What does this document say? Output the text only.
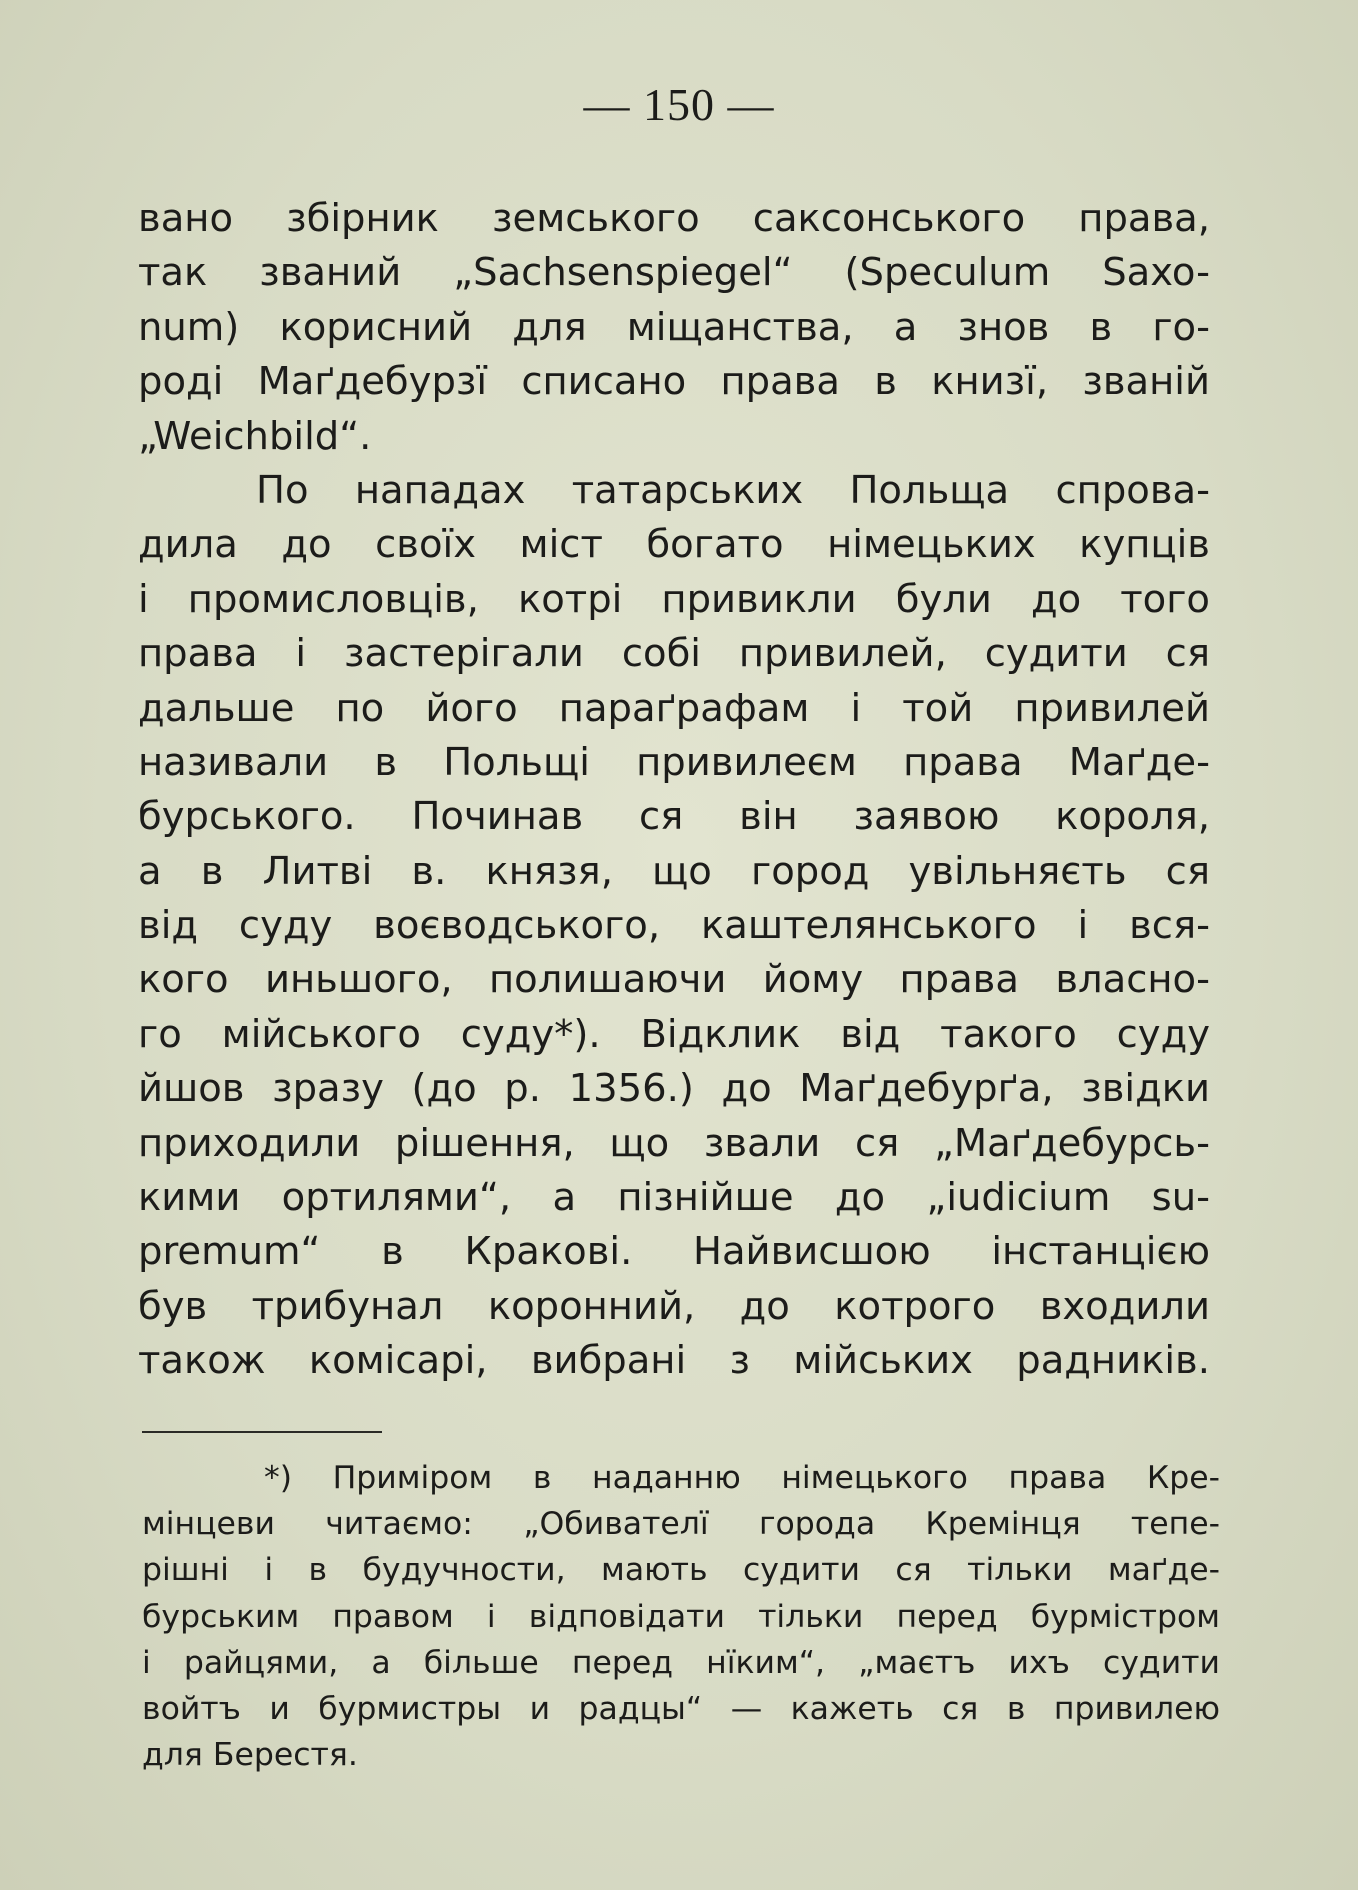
— 150 —
вано збірник земського саксонського права,
так званий „Sachsenspiegel“ (Speculum Saxo-
num) корисний для міщанства, а знов в го-
роді Маґдебурзї списано права в книзї, званій
„Weichbild“.
По нападах татарських Польща спрова-
дила до своїх міст богато німецьких купців
і промисловців, котрі привикли були до того
права і застерігали собі привилей, судити ся
дальше по його параґрафам і той привилей
називали в Польщі привилеєм права Маґде-
бурського. Починав ся він заявою короля,
а в Литві в. князя, що город увільняєть ся
від суду воєводського, каштелянського і вся-
кого иньшого, полишаючи йому права власно-
го мійського суду*). Відклик від такого суду
йшов зразу (до р. 1356.) до Маґдебурґа, звідки
приходили рішення, що звали ся „Маґдебурсь-
кими ортилями“, а пізнійше до „iudicium su-
premum“ в Кракові. Найвисшою інстанцією
був трибунал коронний, до котрого входили
також комісарі, вибрані з мійських радників.
*) Приміром в наданню німецького права Кре-
мінцеви читаємо: „Обивателї города Кремінця тепе-
рішні і в будучности, мають судити ся тільки маґде-
бурським правом і відповідати тільки перед бурмістром
і райцями, а більше перед нїким“, „маєтъ ихъ судити
войтъ и бурмистры и радцы“ — кажеть ся в привилею
для Берестя.
